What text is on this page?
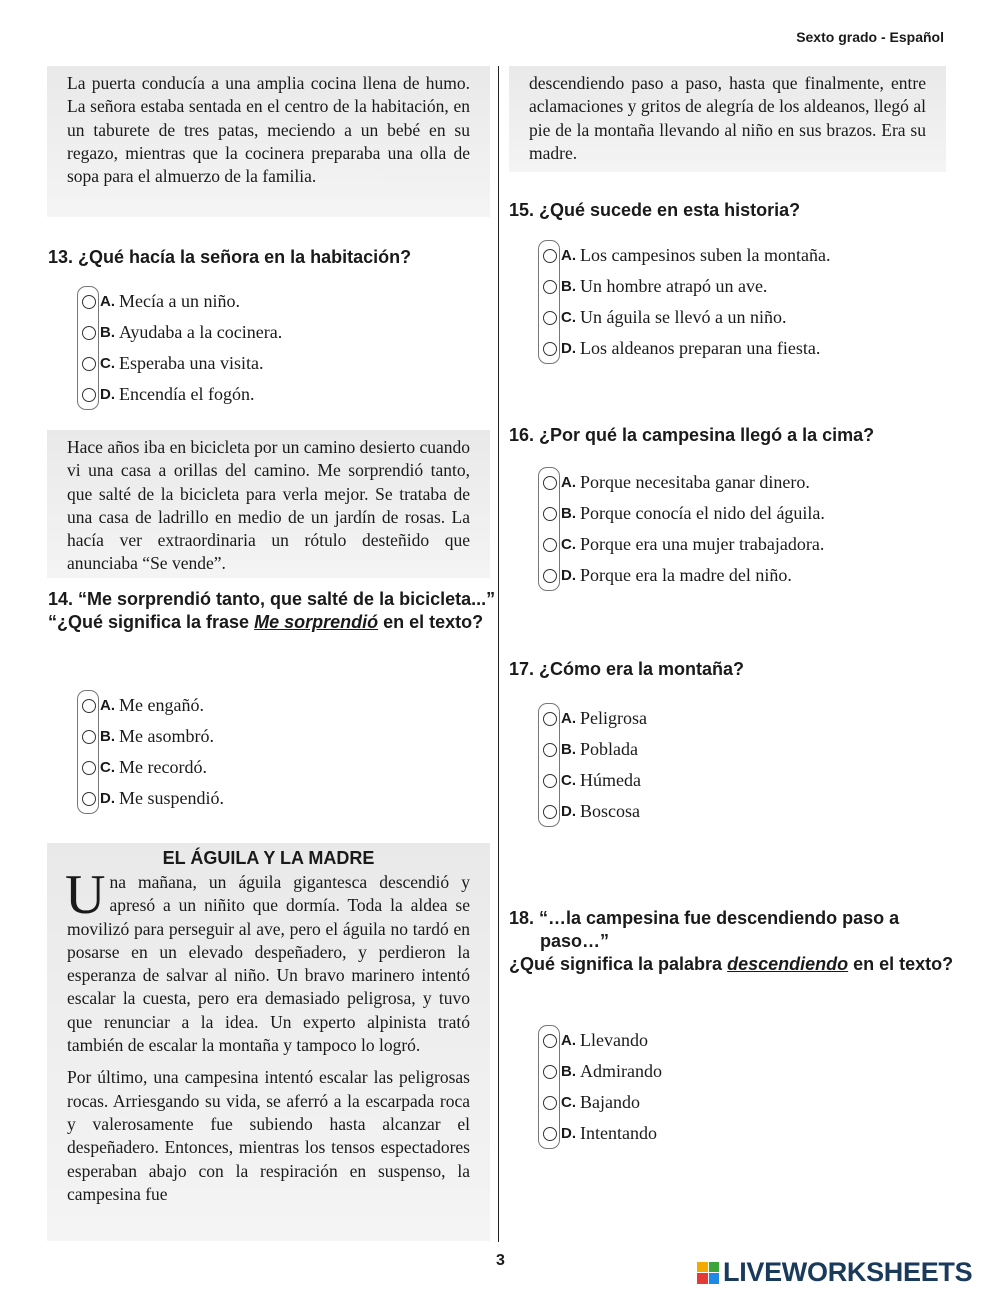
Sexto grado - Español

La puerta conducía a una amplia cocina llena de humo. La señora estaba sentada en el centro de la habitación, en un taburete de tres patas, meciendo a un bebé en su regazo, mientras que la cocinera preparaba una olla de sopa para el almuerzo de la familia.

13. ¿Qué hacía la señora en la habitación?
A. Mecía a un niño.
B. Ayudaba a la cocinera.
C. Esperaba una visita.
D. Encendía el fogón.

Hace años iba en bicicleta por un camino desierto cuando vi una casa a orillas del camino. Me sorprendió tanto, que salté de la bicicleta para verla mejor. Se trataba de una casa de ladrillo en medio de un jardín de rosas. La hacía ver extraordinaria un rótulo desteñido que anunciaba “Se vende”.

14. “Me sorprendió tanto, que salté de la bicicleta...”
“¿Qué significa la frase Me sorprendió en el texto?
A. Me engañó.
B. Me asombró.
C. Me recordó.
D. Me suspendió.
EL ÁGUILA Y LA MADRE

Una mañana, un águila gigantesca descendió y apresó a un niñito que dormía. Toda la aldea se movilizó para perseguir al ave, pero el águila no tardó en posarse en un elevado despeñadero, y perdieron la esperanza de salvar al niño. Un bravo marinero intentó escalar la cuesta, pero era demasiado peligrosa, y tuvo que renunciar a la idea. Un experto alpinista trató también de escalar la montaña y tampoco lo logró.

Por último, una campesina intentó escalar las peligrosas rocas. Arriesgando su vida, se aferró a la escarpada roca y valerosamente fue subiendo hasta alcanzar el despeñadero. Entonces, mientras los tensos espectadores esperaban abajo con la respiración en suspenso, la campesina fue

descendiendo paso a paso, hasta que finalmente, entre aclamaciones y gritos de alegría de los aldeanos, llegó al pie de la montaña llevando al niño en sus brazos. Era su madre.

15. ¿Qué sucede en esta historia?
A. Los campesinos suben la montaña.
B. Un hombre atrapó un ave.
C. Un águila se llevó a un niño.
D. Los aldeanos preparan una fiesta.
16. ¿Por qué la campesina llegó a la cima?
A. Porque necesitaba ganar dinero.
B. Porque conocía el nido del águila.
C. Porque era una mujer trabajadora.
D. Porque era la madre del niño.
17. ¿Cómo era la montaña?
A. Peligrosa
B. Poblada
C. Húmeda
D. Boscosa
18. “…la campesina fue descendiendo paso a paso…”
¿Qué significa la palabra descendiendo en el texto?
A. Llevando
B. Admirando
C. Bajando
D. Intentando
3	LIVEWORKSHEETS
